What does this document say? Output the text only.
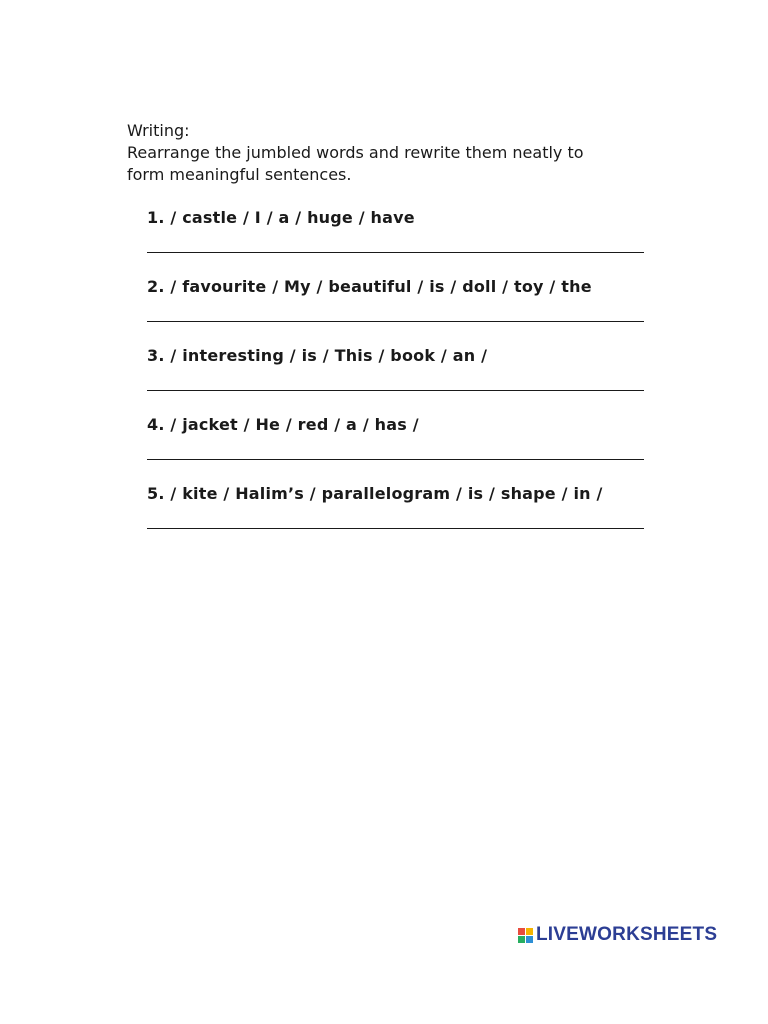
Writing:
Rearrange the jumbled words and rewrite them neatly to
form meaningful sentences.
1. / castle / I / a / huge / have
2. / favourite / My / beautiful / is / doll / toy / the
3. / interesting / is / This / book / an /
4. / jacket / He / red / a / has /
5. / kite / Halim’s / parallelogram / is / shape / in /
LIVEWORKSHEETS
